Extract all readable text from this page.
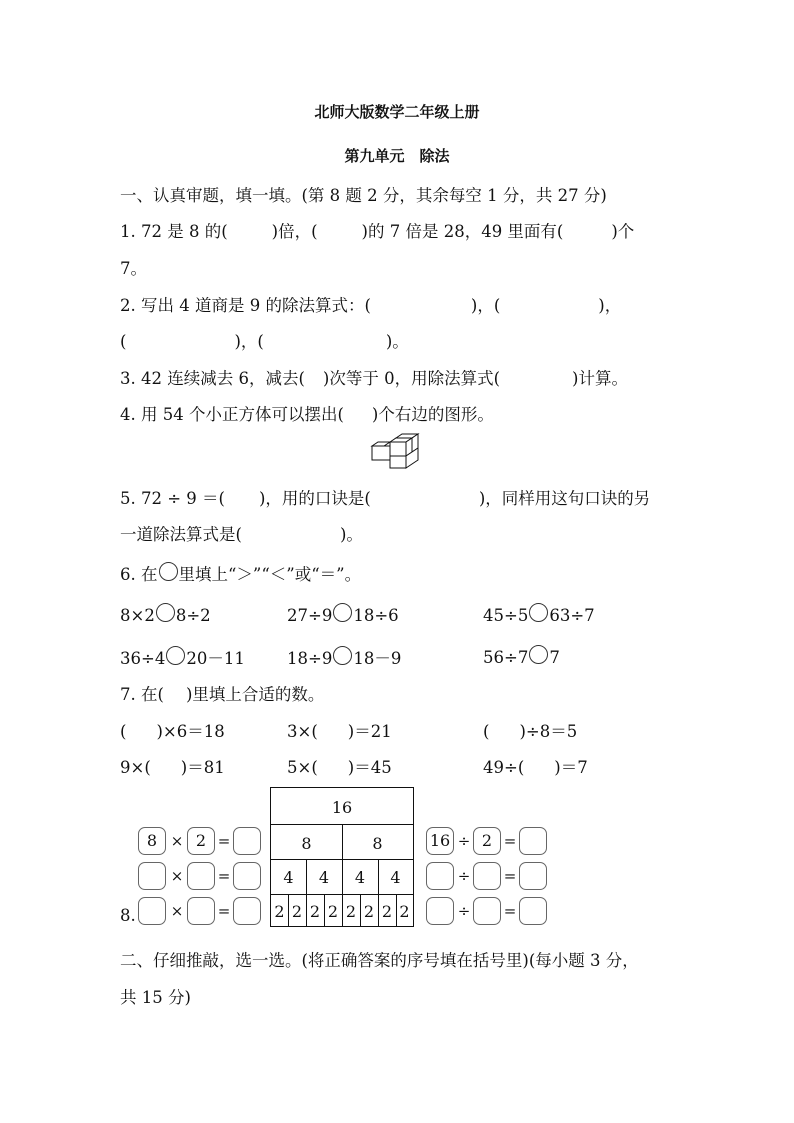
北师大版数学二年级上册
第九单元　除法
一、认真审题，填一填。(第 8 题 2 分，其余每空 1 分，共 27 分)
1. 72 是 8 的(	)倍，(	)的 7 倍是 28，49 里面有(	)个
7。
2. 写出 4 道商是 9 的除法算式：(	)，(	)，
(	)，(	)。
3. 42 连续减去 6，减去( )次等于 0，用除法算式(	)计算。
4. 用 54 个小正方体可以摆出( )个右边的图形。
5. 72 ÷ 9 ＝( )，用的口诀是(	)，同样用这句口诀的另
一道除法算式是(	)。
6. 在 里填上“＞”“＜”或“＝”。
8×2 8÷2	27÷9 18÷6	45÷5 63÷7
36÷4 20－11	18÷9 18－9	56÷7 7
7. 在( )里填上合适的数。
( )×6＝18	3×( )＝21	( )÷8＝5
9×( )＝81	5×( )＝45	49÷( )＝7
8.
8 × 2 =
× =
× =
16
8	8
4	4	4	4
2 2 2 2 2 2 2 2
16 ÷ 2 =
÷ =
÷ =
二、仔细推敲，选一选。(将正确答案的序号填在括号里)(每小题 3 分，
共 15 分)
